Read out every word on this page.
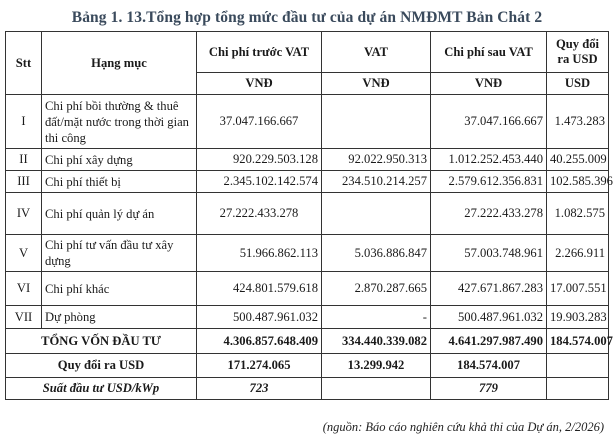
Bảng 1. 13.Tổng hợp tổng mức đầu tư của dự án NMĐMT Bản Chát 2
Stt	Hạng mục	Chi phí trước VAT	VAT	Chi phí sau VAT	Quy đổi ra USD
		VNĐ	VNĐ	VNĐ	USD
I	Chi phí bồi thường & thuê đất/mặt nước trong thời gian thi công	37.047.166.667		37.047.166.667	1.473.283
II	Chi phí xây dựng	920.229.503.128	92.022.950.313	1.012.252.453.440	40.255.009
III	Chi phí thiết bị	2.345.102.142.574	234.510.214.257	2.579.612.356.831	102.585.396
IV	Chi phí quản lý dự án	27.222.433.278		27.222.433.278	1.082.575
V	Chi phí tư vấn đầu tư xây dựng	51.966.862.113	5.036.886.847	57.003.748.961	2.266.911
VI	Chi phí khác	424.801.579.618	2.870.287.665	427.671.867.283	17.007.551
VII	Dự phòng	500.487.961.032	-	500.487.961.032	19.903.283
TỔNG VỐN ĐẦU TƯ		4.306.857.648.409	334.440.339.082	4.641.297.987.490	184.574.007
Quy đổi ra USD		171.274.065	13.299.942	184.574.007	
Suất đầu tư USD/kWp		723		779	
(nguồn: Báo cáo nghiên cứu khả thi của Dự án, 2/2026)
